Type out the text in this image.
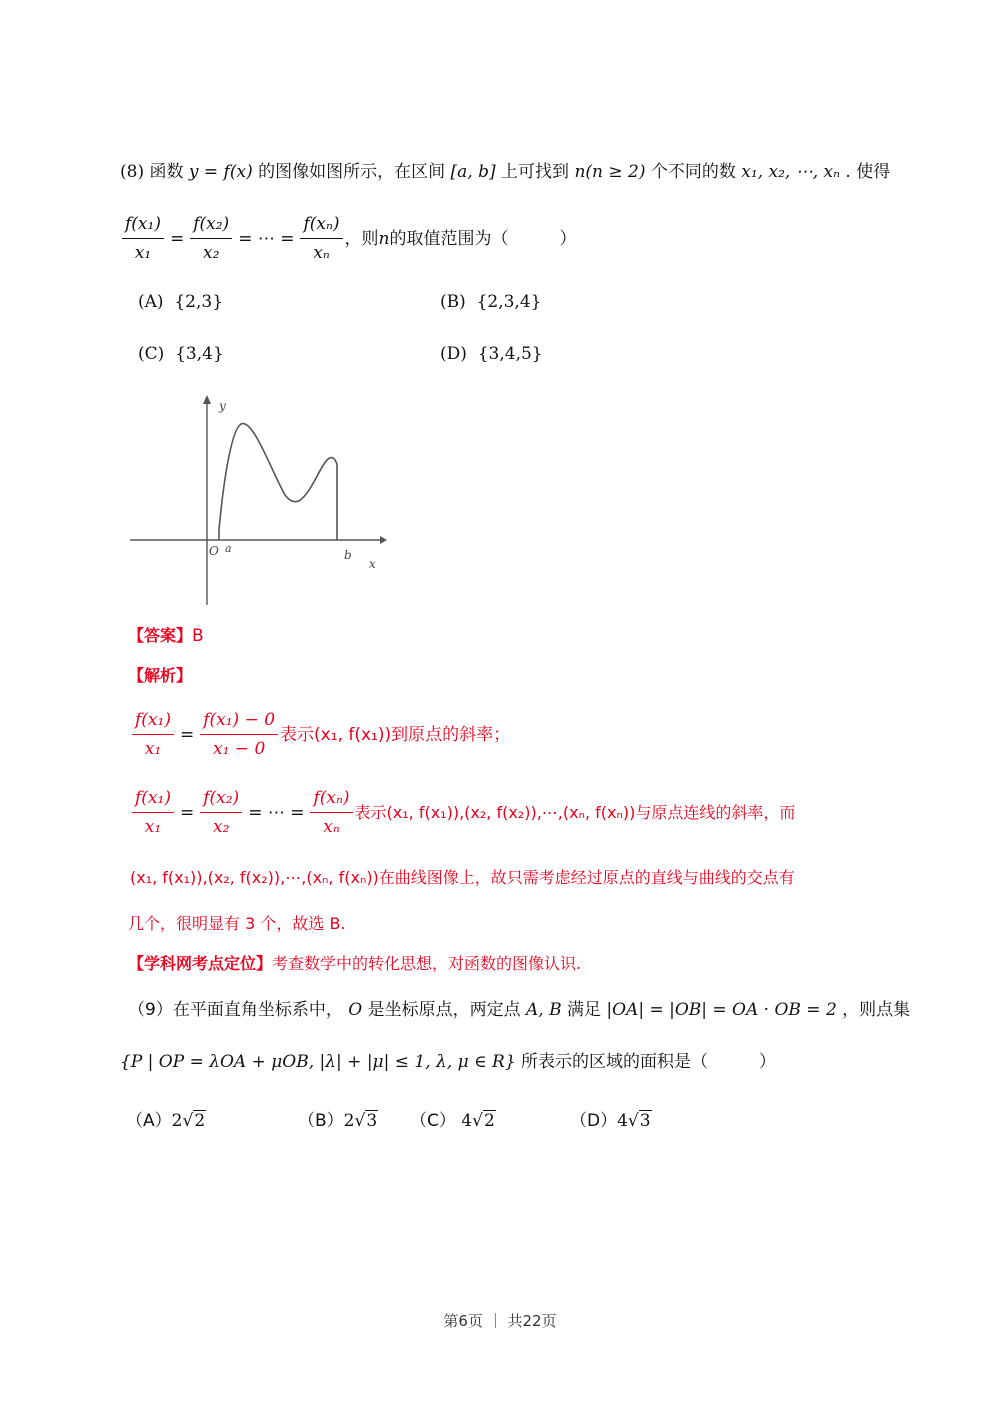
(8) 函数 y = f(x) 的图像如图所示，在区间 [a, b] 上可找到 n(n ≥ 2) 个不同的数 x₁, x₂, ⋯, xₙ . 使得
$\frac{\text{f(x₁)}}{\text{x₁}} = \frac{\text{f(x₂)}}{\text{x₂}}$ = ⋯ = $\frac{\text{f(xₙ)}}{\text{xₙ}}$ ，则 n 的取值范围为（　　　）
(A) {2,3}	(B) {2,3,4}
(C) {3,4}	(D) {3,4,5}
y
O a	b
x
【答案】B
【解析】
$\frac{\text{f(x₁)}}{\text{x₁}} = \frac{\text{f(x₁) − 0}}{\text{x₁ − 0}}$ 表示(x₁, f(x₁))到原点的斜率；
$\frac{\text{f(x₁)}}{\text{x₁}} = \frac{\text{f(x₂)}}{\text{x₂}}$ = ⋯ = $\frac{\text{f(xₙ)}}{\text{xₙ}}$ 表示(x₁, f(x₁)),(x₂, f(x₂)),⋯,(xₙ, f(xₙ))与原点连线的斜率，而
(x₁, f(x₁)),(x₂, f(x₂)),⋯,(xₙ, f(xₙ))在曲线图像上，故只需考虑经过原点的直线与曲线的交点有
几个，很明显有 3 个，故选 B.
【学科网考点定位】考查数学中的转化思想，对函数的图像认识.
（9）在平面直角坐标系中， O 是坐标原点，两定点 A, B 满足 |OA| = |OB| = OA · OB = 2 ，则点集
{P | OP = λOA + μOB, |λ| + |μ| ≤ 1, λ, μ ∈ R} 所表示的区域的面积是（　　　）
（A）2√2	（B）2√3 （C） 4√2	（D）4√3
第6页 ｜ 共22页
